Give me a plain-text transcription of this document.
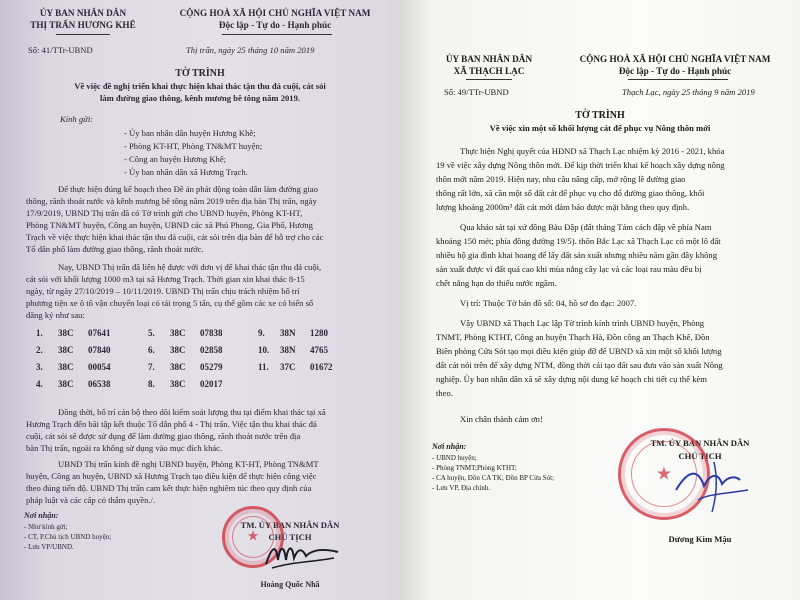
ỦY BAN NHÂN DÂN
THỊ TRẤN HƯƠNG KHÊ
CỘNG HOÀ XÃ HỘI CHỦ NGHĨA VIỆT NAM
Độc lập - Tự do - Hạnh phúc
Số: 41/TTr-UBND	Thị trấn, ngày 25 tháng 10 năm 2019
TỜ TRÌNH
Về việc đề nghị triển khai thực hiện khai thác tận thu đá cuội, cát sỏi
làm đường giao thông, kênh mương bê tông năm 2019.
Kính gửi:
- Ủy ban nhân dân huyện Hương Khê;
- Phòng KT-HT, Phòng TN&MT huyện;
- Công an huyện Hương Khê;
- Ủy ban nhân dân xã Hương Trạch.
Để thực hiện đúng kế hoạch theo Đề án phát động toàn dân làm đường giao
thông, rãnh thoát nước và kênh mương bê tông năm 2019 trên địa bàn Thị trấn, ngày
17/9/2019, UBND Thị trấn đã có Tờ trình gửi cho UBND huyện, Phòng KT-HT,
Phòng TN&MT huyện, Công an huyện, UBND các xã Phú Phong, Gia Phố, Hương
Trạch về việc thực hiện khai thác tận thu đá cuội, cát sỏi trên địa bàn để hỗ trợ cho các
Tổ dân phố làm đường giao thông, rãnh thoát nước.
Nay, UBND Thị trấn đã liên hệ được với đơn vị để khai thác tận thu đá cuội,
cát sỏi với khối lượng 1000 m3 tại xã Hương Trạch. Thời gian xin khai thác 8-15
ngày, từ ngày 27/10/2019 – 10/11/2019. UBND Thị trấn chịu trách nhiệm bố trí
phương tiện xe ô tô vận chuyển loại có tải trọng 5 tấn, cụ thể gồm các xe có biển số
đăng ký như sau:
1. 38C 07641	5. 38C 07838	9. 38N 1280
2. 38C 07840	6. 38C 02858	10. 38N 4765
3. 38C 00054	7. 38C 05279	11. 37C 01672
4. 38C 06538	8. 38C 02017
Đồng thời, bố trí cán bộ theo dõi kiểm soát lượng thu tại điểm khai thác tại xã
Hương Trạch đến bãi tập kết thuộc Tổ dân phố 4 - Thị trấn. Việc tận thu khai thác đá
cuội, cát sỏi sẽ được sử dụng để làm đường giao thông, rãnh thoát nước trên địa
bàn Thị trấn, ngoài ra không sử dụng vào mục đích khác.
UBND Thị trấn kính đề nghị UBND huyện, Phòng KT-HT, Phòng TN&MT
huyện, Công an huyện, UBND xã Hương Trạch tạo điều kiện để thực hiện công việc
theo đúng tiến độ. UBND Thị trấn cam kết thực hiện nghiêm túc theo quy định của
pháp luật và các cấp có thẩm quyền./.
TM. ỦY BAN NHÂN DÂN
CHỦ TỊCH
★
Hoàng Quốc Nhã
Nơi nhận:
- Như kính gửi;
- CT, P.Chủ tịch UBND huyện;
- Lưu VP/UBND.
ỦY BAN NHÂN DÂN
XÃ THẠCH LẠC
CỘNG HOÀ XÃ HỘI CHỦ NGHĨA VIỆT NAM
Độc lập - Tự do - Hạnh phúc
Số: 49/TTr-UBND	Thạch Lạc, ngày 25 tháng 9 năm 2019
TỜ TRÌNH
Về việc xin một số khối lượng cát để phục vụ Nông thôn mới
Thực hiện Nghị quyết của HĐND xã Thạch Lạc nhiệm kỳ 2016 - 2021, khóa
19 về việc xây dựng Nông thôn mới. Để kịp thời triển khai kế hoạch xây dựng nông
thôn mới năm 2019. Hiện nay, nhu cầu nâng cấp, mở rộng lề đường giao
thông rất lớn, xã cần một số đất cát để phục vụ cho đổ đường giao thông, khối
lượng khoảng 2000m³ đất cát mới đảm bảo được mặt bằng theo quy định.
Qua khảo sát tại xứ đồng Bàu Đập (đất tháng Tám cách đập về phía Nam
khoảng 150 mét; phía đông đường 19/5). thôn Bắc Lạc xã Thạch Lạc có một lô đất
nhiều hộ gia đình khai hoang để lấy đất sản xuất nhưng nhiều năm gần đây không
sản xuất được vì đất quá cao khi mùa nắng cây lạc và các loại rau màu đều bị
chết nắng hạn do thiếu nước ngầm.
Vị trí: Thuộc Tờ bản đồ số: 04, hồ sơ đo đạc: 2007.
Vậy UBND xã Thạch Lạc lập Tờ trình kính trình UBND huyện, Phòng
TNMT, Phòng KTHT, Công an huyện Thạch Hà, Đồn công an Thạch Khê, Đồn
Biên phòng Cửa Sót tạo mọi điều kiện giúp đỡ để UBND xã xin một số khối lượng
đất cát nói trên để xây dựng NTM, đồng thời cải tạo đất sau đưa vào sản xuất Nông
nghiệp. Ủy ban nhân dân xã sẽ xây dựng nội dung kế hoạch chi tiết cụ thể kèm
theo.
Xin chân thành cảm ơn!
Nơi nhận:
- UBND huyện;
- Phòng TNMT;Phòng KTHT;
- CA huyện, Đồn CA TK; Đồn BP Cửa Sót;
- Lưu VP, Địa chính.
TM. ỦY BAN NHÂN DÂN
CHỦ TỊCH
★
Dương Kim Mậu
